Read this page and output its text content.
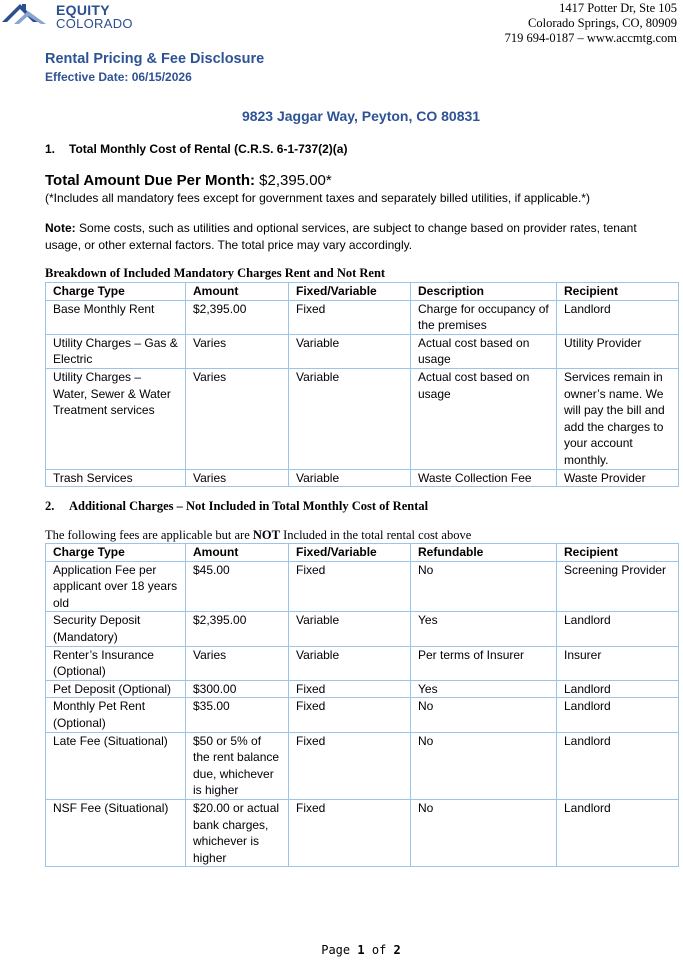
EQUITY
COLORADO
1417 Potter Dr, Ste 105
Colorado Springs, CO, 80909
719 694-0187 – www.accmtg.com
Rental Pricing & Fee Disclosure
Effective Date: 06/15/2026
9823 Jaggar Way, Peyton, CO 80831
1. Total Monthly Cost of Rental (C.R.S. 6-1-737(2)(a)
Total Amount Due Per Month: $2,395.00*
(*Includes all mandatory fees except for government taxes and separately billed utilities, if applicable.*)
Note: Some costs, such as utilities and optional services, are subject to change based on provider rates, tenant usage, or other external factors. The total price may vary accordingly.
Breakdown of Included Mandatory Charges Rent and Not Rent
Charge Type	Amount	Fixed/Variable	Description	Recipient
Base Monthly Rent	$2,395.00	Fixed	Charge for occupancy of the premises	Landlord
Utility Charges – Gas & Electric	Varies	Variable	Actual cost based on usage	Utility Provider
Utility Charges – Water, Sewer & Water Treatment services	Varies	Variable	Actual cost based on usage	Services remain in owner’s name. We will pay the bill and add the charges to your account monthly.
Trash Services	Varies	Variable	Waste Collection Fee	Waste Provider
2. Additional Charges – Not Included in Total Monthly Cost of Rental
The following fees are applicable but are NOT Included in the total rental cost above
Charge Type	Amount	Fixed/Variable	Refundable	Recipient
Application Fee per applicant over 18 years old	$45.00	Fixed	No	Screening Provider
Security Deposit (Mandatory)	$2,395.00	Variable	Yes	Landlord
Renter’s Insurance (Optional)	Varies	Variable	Per terms of Insurer	Insurer
Pet Deposit (Optional)	$300.00	Fixed	Yes	Landlord
Monthly Pet Rent (Optional)	$35.00	Fixed	No	Landlord
Late Fee (Situational)	$50 or 5% of the rent balance due, whichever is higher	Fixed	No	Landlord
NSF Fee (Situational)	$20.00 or actual bank charges, whichever is higher	Fixed	No	Landlord
Page 1 of 2
